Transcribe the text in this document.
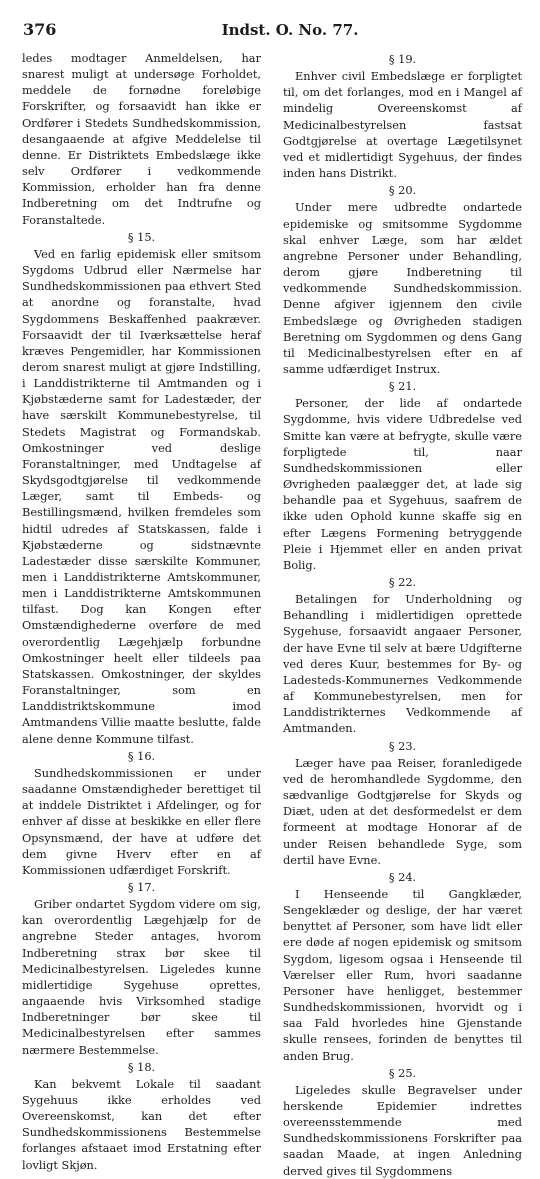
376	Indst. O. No. 77.

ledes modtager Anmeldelsen, har snarest muligt at undersøge Forholdet, meddele de fornødne foreløbige Forskrifter, og forsaavidt han ikke er Ordfører i Stedets Sundhedskommission, desangaaende at afgive Meddelelse til denne. Er Distriktets Embedslæge ikke selv Ordfører i vedkommende Kommission, erholder han fra denne Indberetning om det Indtrufne og Foranstaltede.

§ 15.

Ved en farlig epidemisk eller smitsom Sygdoms Udbrud eller Nærmelse har Sundhedskommissionen paa ethvert Sted at anordne og foranstalte, hvad Sygdommens Beskaffenhed paakræver. Forsaavidt der til Iværksættelse heraf kræves Pengemidler, har Kommissionen derom snarest muligt at gjøre Indstilling, i Landdistrikterne til Amtmanden og i Kjøbstæderne samt for Ladestæder, der have særskilt Kommunebestyrelse, til Stedets Magistrat og Formandskab. Omkostninger ved deslige Foranstaltninger, med Undtagelse af Skydsgodtgjørelse til vedkommende Læger, samt til Embeds- og Bestillingsmænd, hvilken fremdeles som hidtil udredes af Statskassen, falde i Kjøbstæderne og sidstnævnte Ladestæder disse særskilte Kommuner, men i Landdistrikterne Amtskommuner, men i Landdistrikterne Amtskommunen tilfast. Dog kan Kongen efter Omstændighederne overføre de med overordentlig Lægehjælp forbundne Omkostninger heelt eller tildeels paa Statskassen. Omkostninger, der skyldes Foranstaltninger, som en Landdistriktskommune imod Amtmandens Villie maatte beslutte, falde alene denne Kommune tilfast.

§ 16.

Sundhedskommissionen er under saadanne Omstændigheder berettiget til at inddele Distriktet i Afdelinger, og for enhver af disse at beskikke en eller flere Opsynsmænd, der have at udføre det dem givne Hverv efter en af Kommissionen udfærdiget Forskrift.

§ 17.

Griber ondartet Sygdom videre om sig, kan overordentlig Lægehjælp for de angrebne Steder antages, hvorom Indberetning strax bør skee til Medicinalbestyrelsen. Ligeledes kunne midlertidige Sygehuse oprettes, angaaende hvis Virksomhed stadige Indberetninger bør skee til Medicinalbestyrelsen efter sammes nærmere Bestemmelse.

§ 18.

Kan bekvemt Lokale til saadant Sygehuus ikke erholdes ved Overeenskomst, kan det efter Sundhedskommissionens Bestemmelse forlanges afstaaet imod Erstatning efter lovligt Skjøn.

§ 19.

Enhver civil Embedslæge er forpligtet til, om det forlanges, mod en i Mangel af mindelig Overeenskomst af Medicinalbestyrelsen fastsat Godtgjørelse at overtage Lægetilsynet ved et midlertidigt Sygehuus, der findes inden hans Distrikt.

§ 20.

Under mere udbredte ondartede epidemiske og smitsomme Sygdomme skal enhver Læge, som har ældet angrebne Personer under Behandling, derom gjøre Indberetning til vedkommende Sundhedskommission. Denne afgiver igjennem den civile Embedslæge og Øvrigheden stadigen Beretning om Sygdommen og dens Gang til Medicinalbestyrelsen efter en af samme udfærdiget Instrux.

§ 21.

Personer, der lide af ondartede Sygdomme, hvis videre Udbredelse ved Smitte kan være at befrygte, skulle være forpligtede til, naar Sundhedskommissionen eller Øvrigheden paalægger det, at lade sig behandle paa et Sygehuus, saafrem de ikke uden Ophold kunne skaffe sig en efter Lægens Formening betryggende Pleie i Hjemmet eller en anden privat Bolig.

§ 22.

Betalingen for Underholdning og Behandling i midlertidigen oprettede Sygehuse, forsaavidt angaaer Personer, der have Evne til selv at bære Udgifterne ved deres Kuur, bestemmes for By- og Ladesteds-Kommunernes Vedkommende af Kommunebestyrelsen, men for Landdistrikternes Vedkommende af Amtmanden.

§ 23.

Læger have paa Reiser, foranledigede ved de heromhandlede Sygdomme, den sædvanlige Godtgjørelse for Skyds og Diæt, uden at det desformedelst er dem formeent at modtage Honorar af de under Reisen behandlede Syge, som dertil have Evne.

§ 24.

I Henseende til Gangklæder, Sengeklæder og deslige, der har været benyttet af Personer, som have lidt eller ere døde af nogen epidemisk og smitsom Sygdom, ligesom ogsaa i Henseende til Værelser eller Rum, hvori saadanne Personer have henligget, bestemmer Sundhedskommissionen, hvorvidt og i saa Fald hvorledes hine Gjenstande skulle rensees, forinden de benyttes til anden Brug.

§ 25.

Ligeledes skulle Begravelser under herskende Epidemier indrettes overeensstemmende med Sundhedskommissionens Forskrifter paa saadan Maade, at ingen Anledning derved gives til Sygdommens
